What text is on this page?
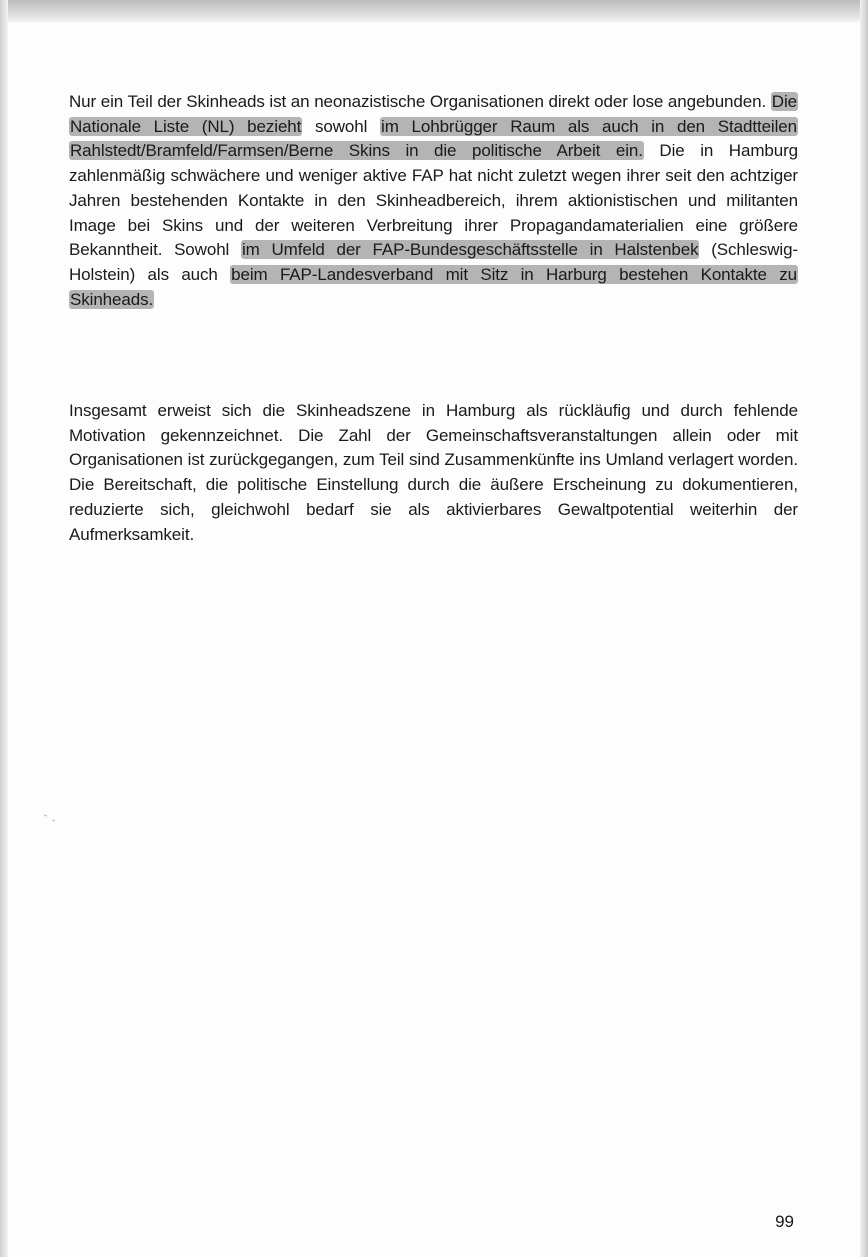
Nur ein Teil der Skinheads ist an neonazistische Organisationen direkt oder lose angebunden. Die Nationale Liste (NL) bezieht sowohl im Lohbrügger Raum als auch in den Stadtteilen Rahlstedt/Bramfeld/Farmsen/Berne Skins in die politische Arbeit ein. Die in Hamburg zahlenmäßig schwächere und weniger aktive FAP hat nicht zuletzt wegen ihrer seit den achtziger Jahren bestehenden Kontakte in den Skinheadbereich, ihrem aktionistischen und militanten Image bei Skins und der weiteren Verbreitung ihrer Propagandamaterialien eine größere Bekanntheit. Sowohl im Umfeld der FAP-Bundesgeschäftsstelle in Halstenbek (Schleswig-Holstein) als auch beim FAP-Landesverband mit Sitz in Harburg bestehen Kontakte zu Skinheads.

Insgesamt erweist sich die Skinheadszene in Hamburg als rückläufig und durch fehlende Motivation gekennzeichnet. Die Zahl der Gemeinschaftsveranstaltungen allein oder mit Organisationen ist zurückgegangen, zum Teil sind Zusammenkünfte ins Umland verlagert worden. Die Bereitschaft, die politische Einstellung durch die äußere Erscheinung zu dokumentieren, reduzierte sich, gleichwohl bedarf sie als aktivierbares Gewaltpotential weiterhin der Aufmerksamkeit.

99
